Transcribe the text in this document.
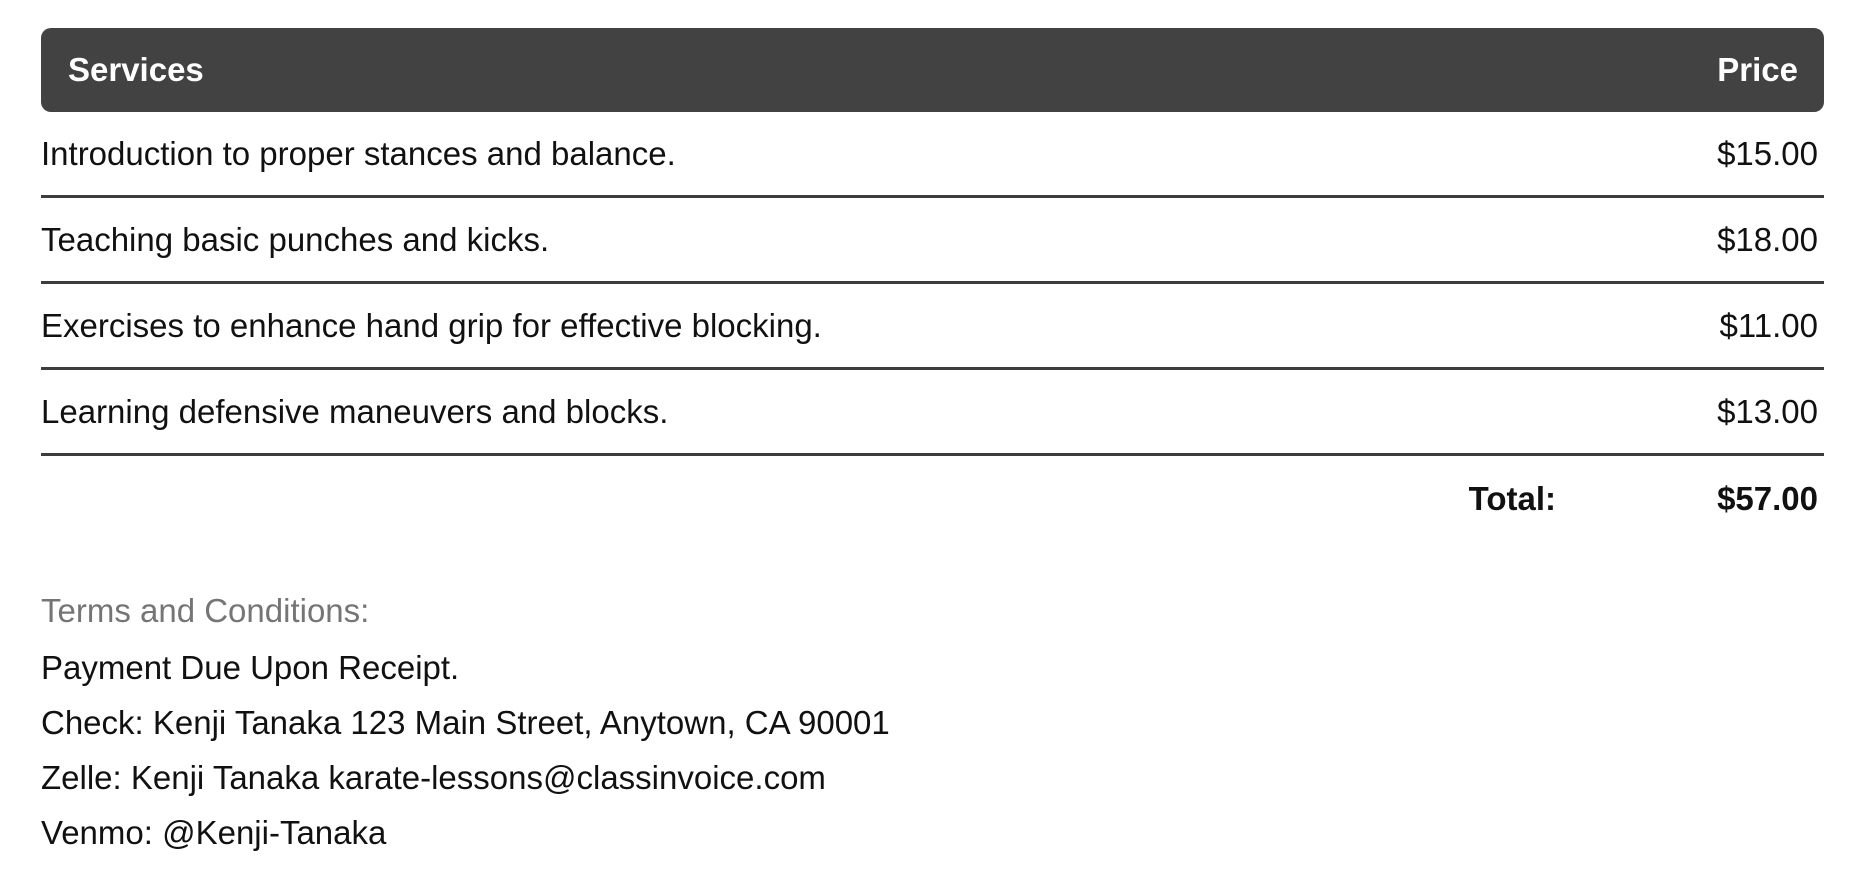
Services	Price
Introduction to proper stances and balance.	$15.00
Teaching basic punches and kicks.	$18.00
Exercises to enhance hand grip for effective blocking.	$11.00
Learning defensive maneuvers and blocks.	$13.00
Total:	$57.00
Terms and Conditions:
Payment Due Upon Receipt.
Check: Kenji Tanaka 123 Main Street, Anytown, CA 90001
Zelle: Kenji Tanaka karate-lessons@classinvoice.com
Venmo: @Kenji-Tanaka
